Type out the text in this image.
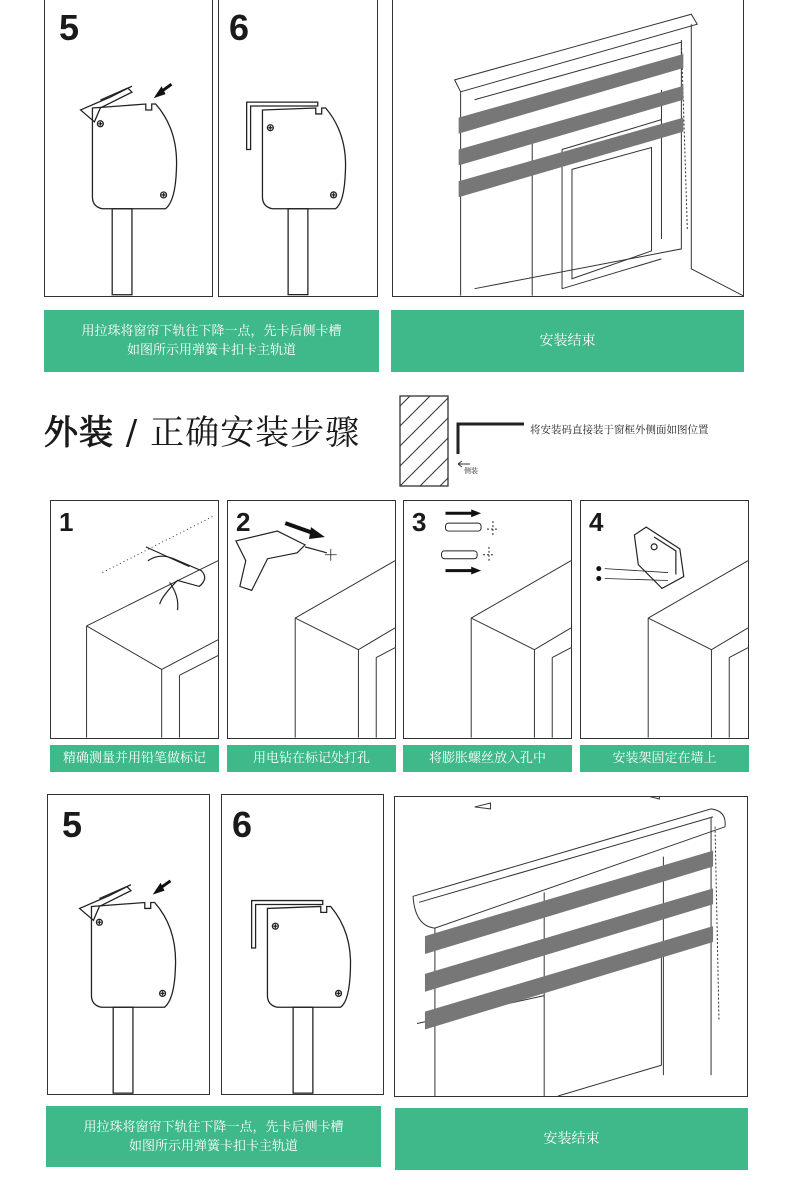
5	6
用拉珠将窗帘下轨往下降一点，先卡后侧卡槽
如图所示用弹簧卡扣卡主轨道
安装结束
外装 / 正确安装步骤
侧装
将安装码直接装于窗框外侧面如图位置
1	2	3	4
精确测量并用铅笔做标记	用电钻在标记处打孔	将膨胀螺丝放入孔中	安装架固定在墙上
5	6
用拉珠将窗帘下轨往下降一点，先卡后侧卡槽
如图所示用弹簧卡扣卡主轨道	安装结束
